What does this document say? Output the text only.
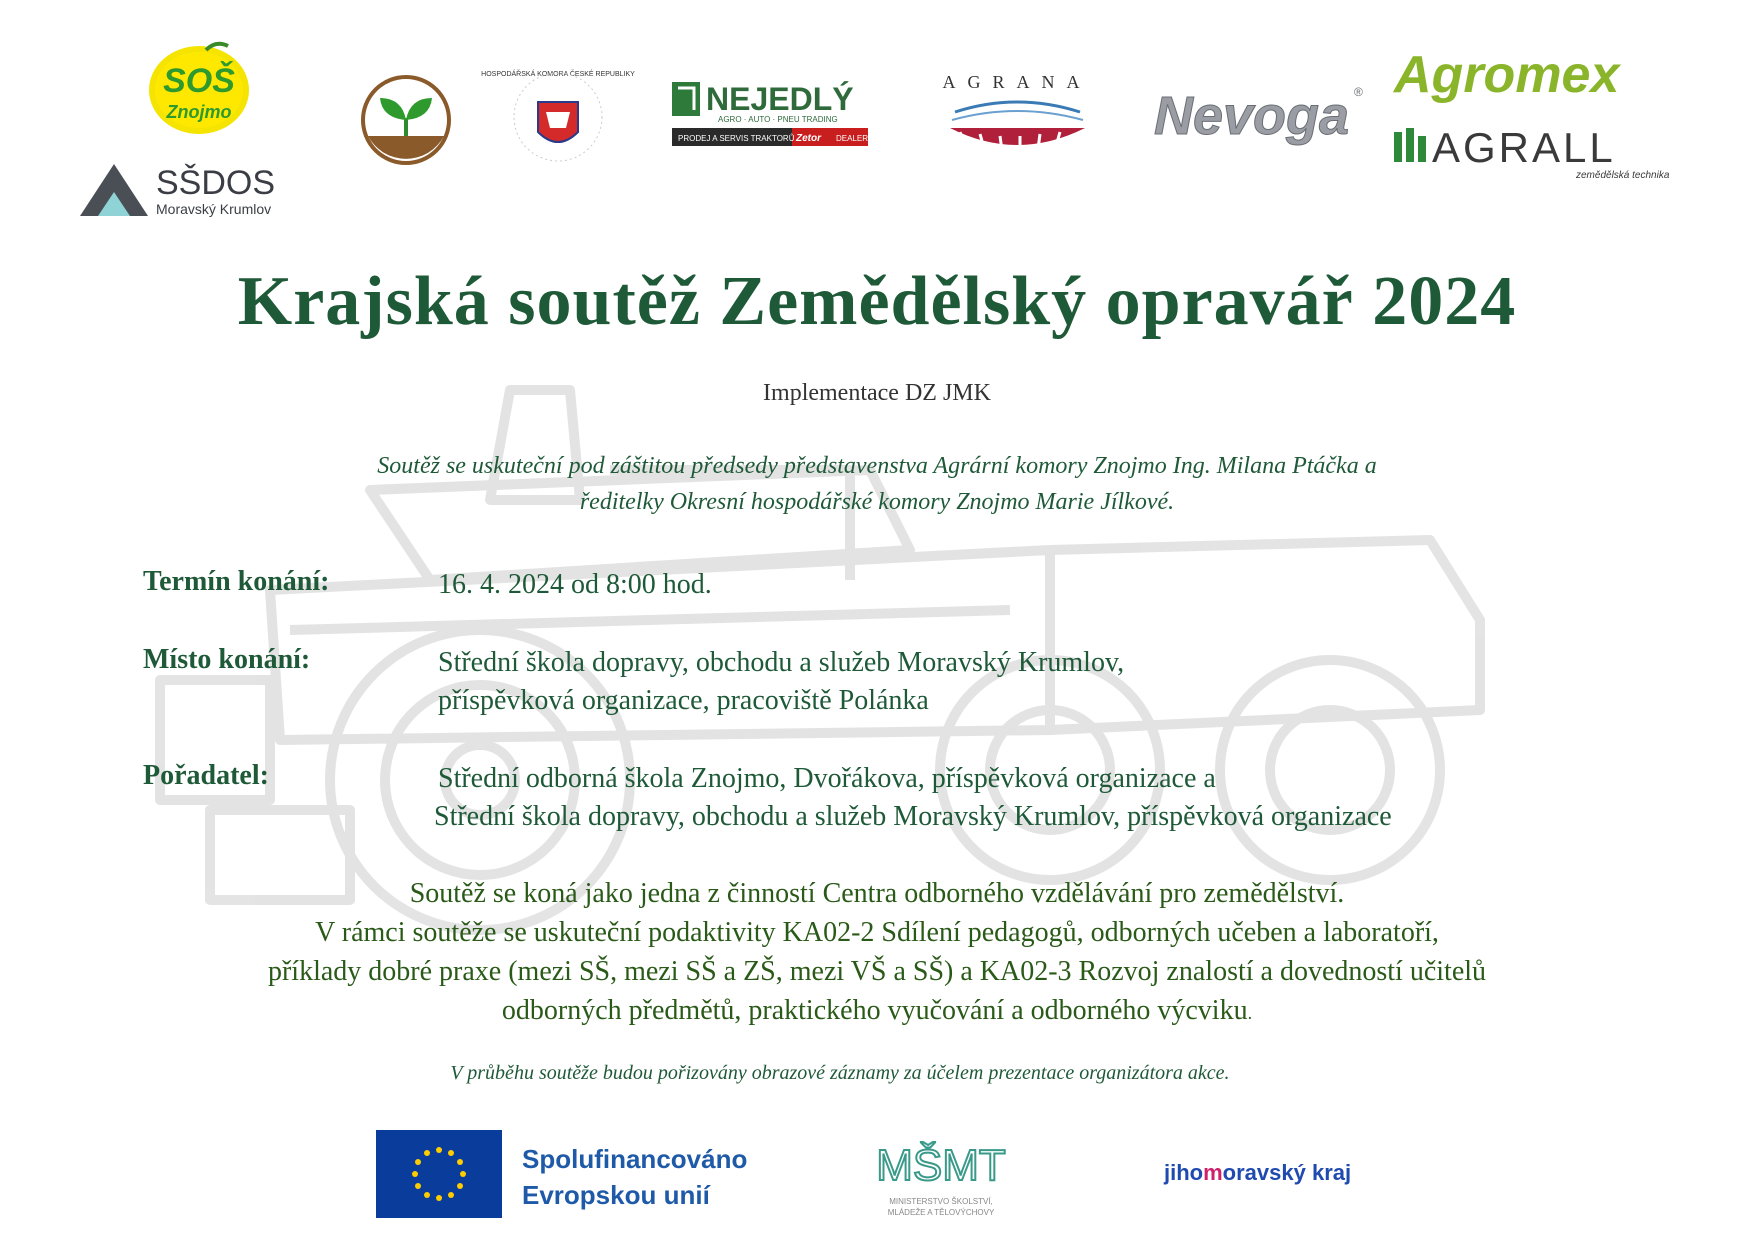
SOŠ
Znojmo
SŠDOS
Moravský Krumlov
HOSPODÁŘSKÁ KOMORA ČESKÉ REPUBLIKY
NEJEDLÝ
AGRO · AUTO · PNEU TRADING
PRODEJ A SERVIS TRAKTORŮ Zetor DEALER
AGRANA
Nevoga ® Agromex
AGRALL
zemědělská technika
Krajská soutěž Zemědělský opravář 2024
Implementace DZ JMK
Soutěž se uskuteční pod záštitou předsedy představenstva Agrární komory Znojmo Ing. Milana Ptáčka a
ředitelky Okresní hospodářské komory Znojmo Marie Jílkové.
Termín konání:	16. 4. 2024 od 8:00 hod.
Místo konání:	Střední škola dopravy, obchodu a služeb Moravský Krumlov,
příspěvková organizace, pracoviště Polánka
Pořadatel:	Střední odborná škola Znojmo, Dvořákova, příspěvková organizace a
Střední škola dopravy, obchodu a služeb Moravský Krumlov, příspěvková organizace
Soutěž se koná jako jedna z činností Centra odborného vzdělávání pro zemědělství.
V rámci soutěže se uskuteční podaktivity KA02-2 Sdílení pedagogů, odborných učeben a laboratoří,
příklady dobré praxe (mezi SŠ, mezi SŠ a ZŠ, mezi VŠ a SŠ) a KA02-3 Rozvoj znalostí a dovedností učitelů
odborných předmětů, praktického vyučování a odborného výcviku.
V průběhu soutěže budou pořizovány obrazové záznamy za účelem prezentace organizátora akce.
Spolufinancováno
Evropskou unií
MŠMT
MINISTERSTVO ŠKOLSTVÍ,
MLÁDEŽE A TĚLOVÝCHOVY
jihomoravský kraj
